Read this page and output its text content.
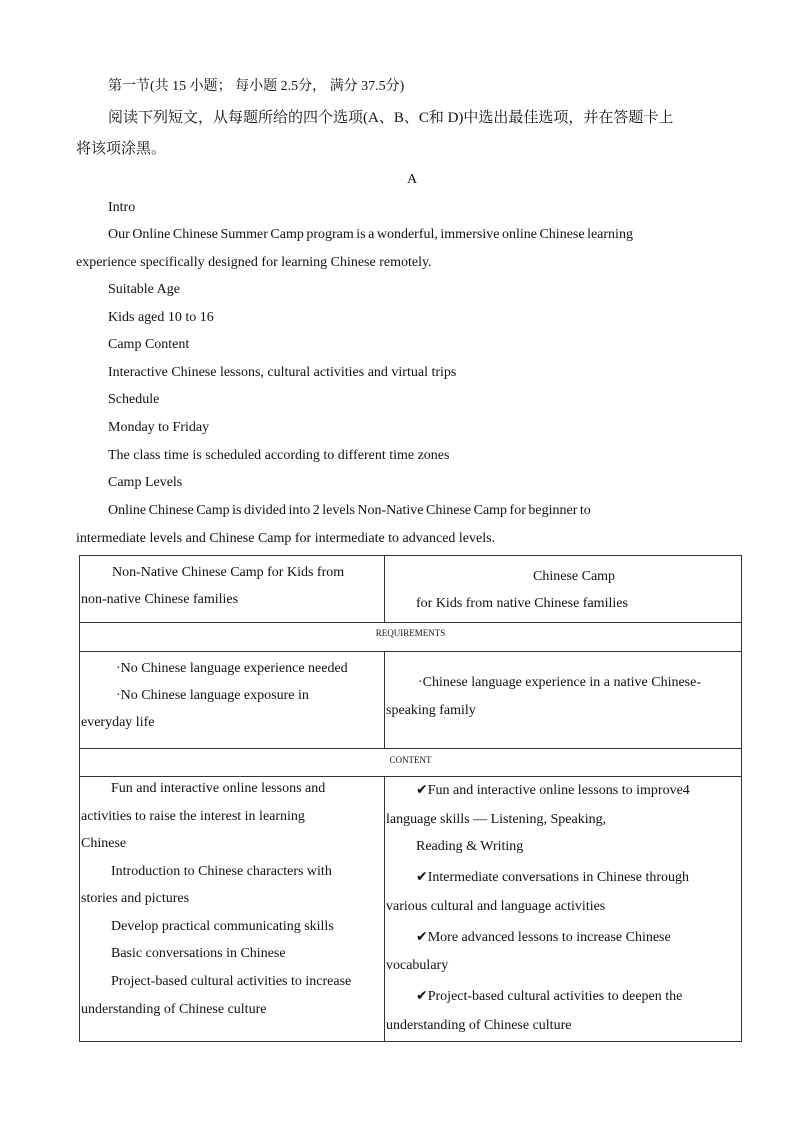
第一节(共 15 小题； 每小题 2.5分， 满分 37.5分)
阅读下列短文，从每题所给的四个选项(A、B、C和 D)中选出最佳选项，并在答题卡上
将该项涂黑。
A
Intro
Our Online Chinese Summer Camp program is a wonderful, immersive online Chinese learning
experience specifically designed for learning Chinese remotely.
Suitable Age
Kids aged 10 to 16
Camp Content
Interactive Chinese lessons, cultural activities and virtual trips
Schedule
Monday to Friday
The class time is scheduled according to different time zones
Camp Levels
Online Chinese Camp is divided into 2 levels Non-Native Chinese Camp for beginner to
intermediate levels and Chinese Camp for intermediate to advanced levels.
Non-Native Chinese Camp for Kids from
non-native Chinese families
Chinese Camp
for Kids from native Chinese families
REQUIREMENTS
·No Chinese language experience needed
·No Chinese language exposure in
everyday life
·Chinese language experience in a native Chinese-
speaking family
CONTENT
Fun and interactive online lessons and
activities to raise the interest in learning
Chinese
Introduction to Chinese characters with
stories and pictures
Develop practical communicating skills
Basic conversations in Chinese
Project-based cultural activities to increase
understanding of Chinese culture
✔Fun and interactive online lessons to improve4
language skills — Listening, Speaking,
Reading & Writing
✔Intermediate conversations in Chinese through
various cultural and language activities
✔More advanced lessons to increase Chinese
vocabulary
✔Project-based cultural activities to deepen the
understanding of Chinese culture
